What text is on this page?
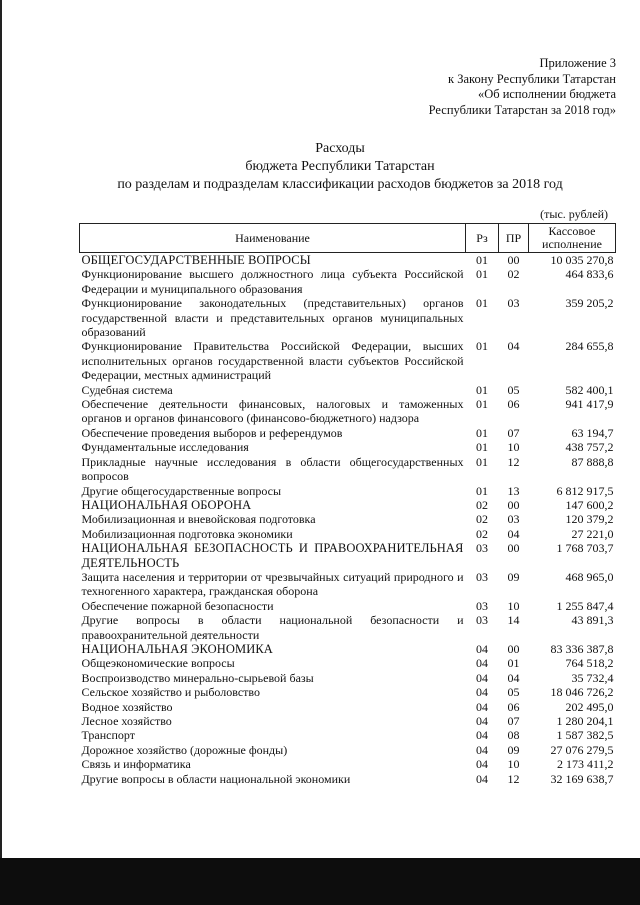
Приложение 3
к Закону Республики Татарстан
«Об исполнении бюджета
Республики Татарстан за 2018 год»
Расходы
бюджета Республики Татарстан
по разделам и подразделам классификации расходов бюджетов за 2018 год
(тыс. рублей)
Наименование	Рз	ПР	Кассовое исполнение
ОБЩЕГОСУДАРСТВЕННЫЕ ВОПРОСЫ	01	00	10 035 270,8
Функционирование высшего должностного лица субъекта Российской Федерации и муниципального образования	01	02	464 833,6
Функционирование законодательных (представительных) органов государственной власти и представительных органов муниципальных образований	01	03	359 205,2
Функционирование Правительства Российской Федерации, высших исполнительных органов государственной власти субъектов Российской Федерации, местных администраций	01	04	284 655,8
Судебная система	01	05	582 400,1
Обеспечение деятельности финансовых, налоговых и таможенных органов и органов финансового (финансово-бюджетного) надзора	01	06	941 417,9
Обеспечение проведения выборов и референдумов	01	07	63 194,7
Фундаментальные исследования	01	10	438 757,2
Прикладные научные исследования в области общегосударственных вопросов	01	12	87 888,8
Другие общегосударственные вопросы	01	13	6 812 917,5
НАЦИОНАЛЬНАЯ ОБОРОНА	02	00	147 600,2
Мобилизационная и вневойсковая подготовка	02	03	120 379,2
Мобилизационная подготовка экономики	02	04	27 221,0
НАЦИОНАЛЬНАЯ БЕЗОПАСНОСТЬ И ПРАВООХРАНИТЕЛЬНАЯ ДЕЯТЕЛЬНОСТЬ	03	00	1 768 703,7
Защита населения и территории от чрезвычайных ситуаций природного и техногенного характера, гражданская оборона	03	09	468 965,0
Обеспечение пожарной безопасности	03	10	1 255 847,4
Другие вопросы в области национальной безопасности и правоохранительной деятельности	03	14	43 891,3
НАЦИОНАЛЬНАЯ ЭКОНОМИКА	04	00	83 336 387,8
Общеэкономические вопросы	04	01	764 518,2
Воспроизводство минерально-сырьевой базы	04	04	35 732,4
Сельское хозяйство и рыболовство	04	05	18 046 726,2
Водное хозяйство	04	06	202 495,0
Лесное хозяйство	04	07	1 280 204,1
Транспорт	04	08	1 587 382,5
Дорожное хозяйство (дорожные фонды)	04	09	27 076 279,5
Связь и информатика	04	10	2 173 411,2
Другие вопросы в области национальной экономики	04	12	32 169 638,7
